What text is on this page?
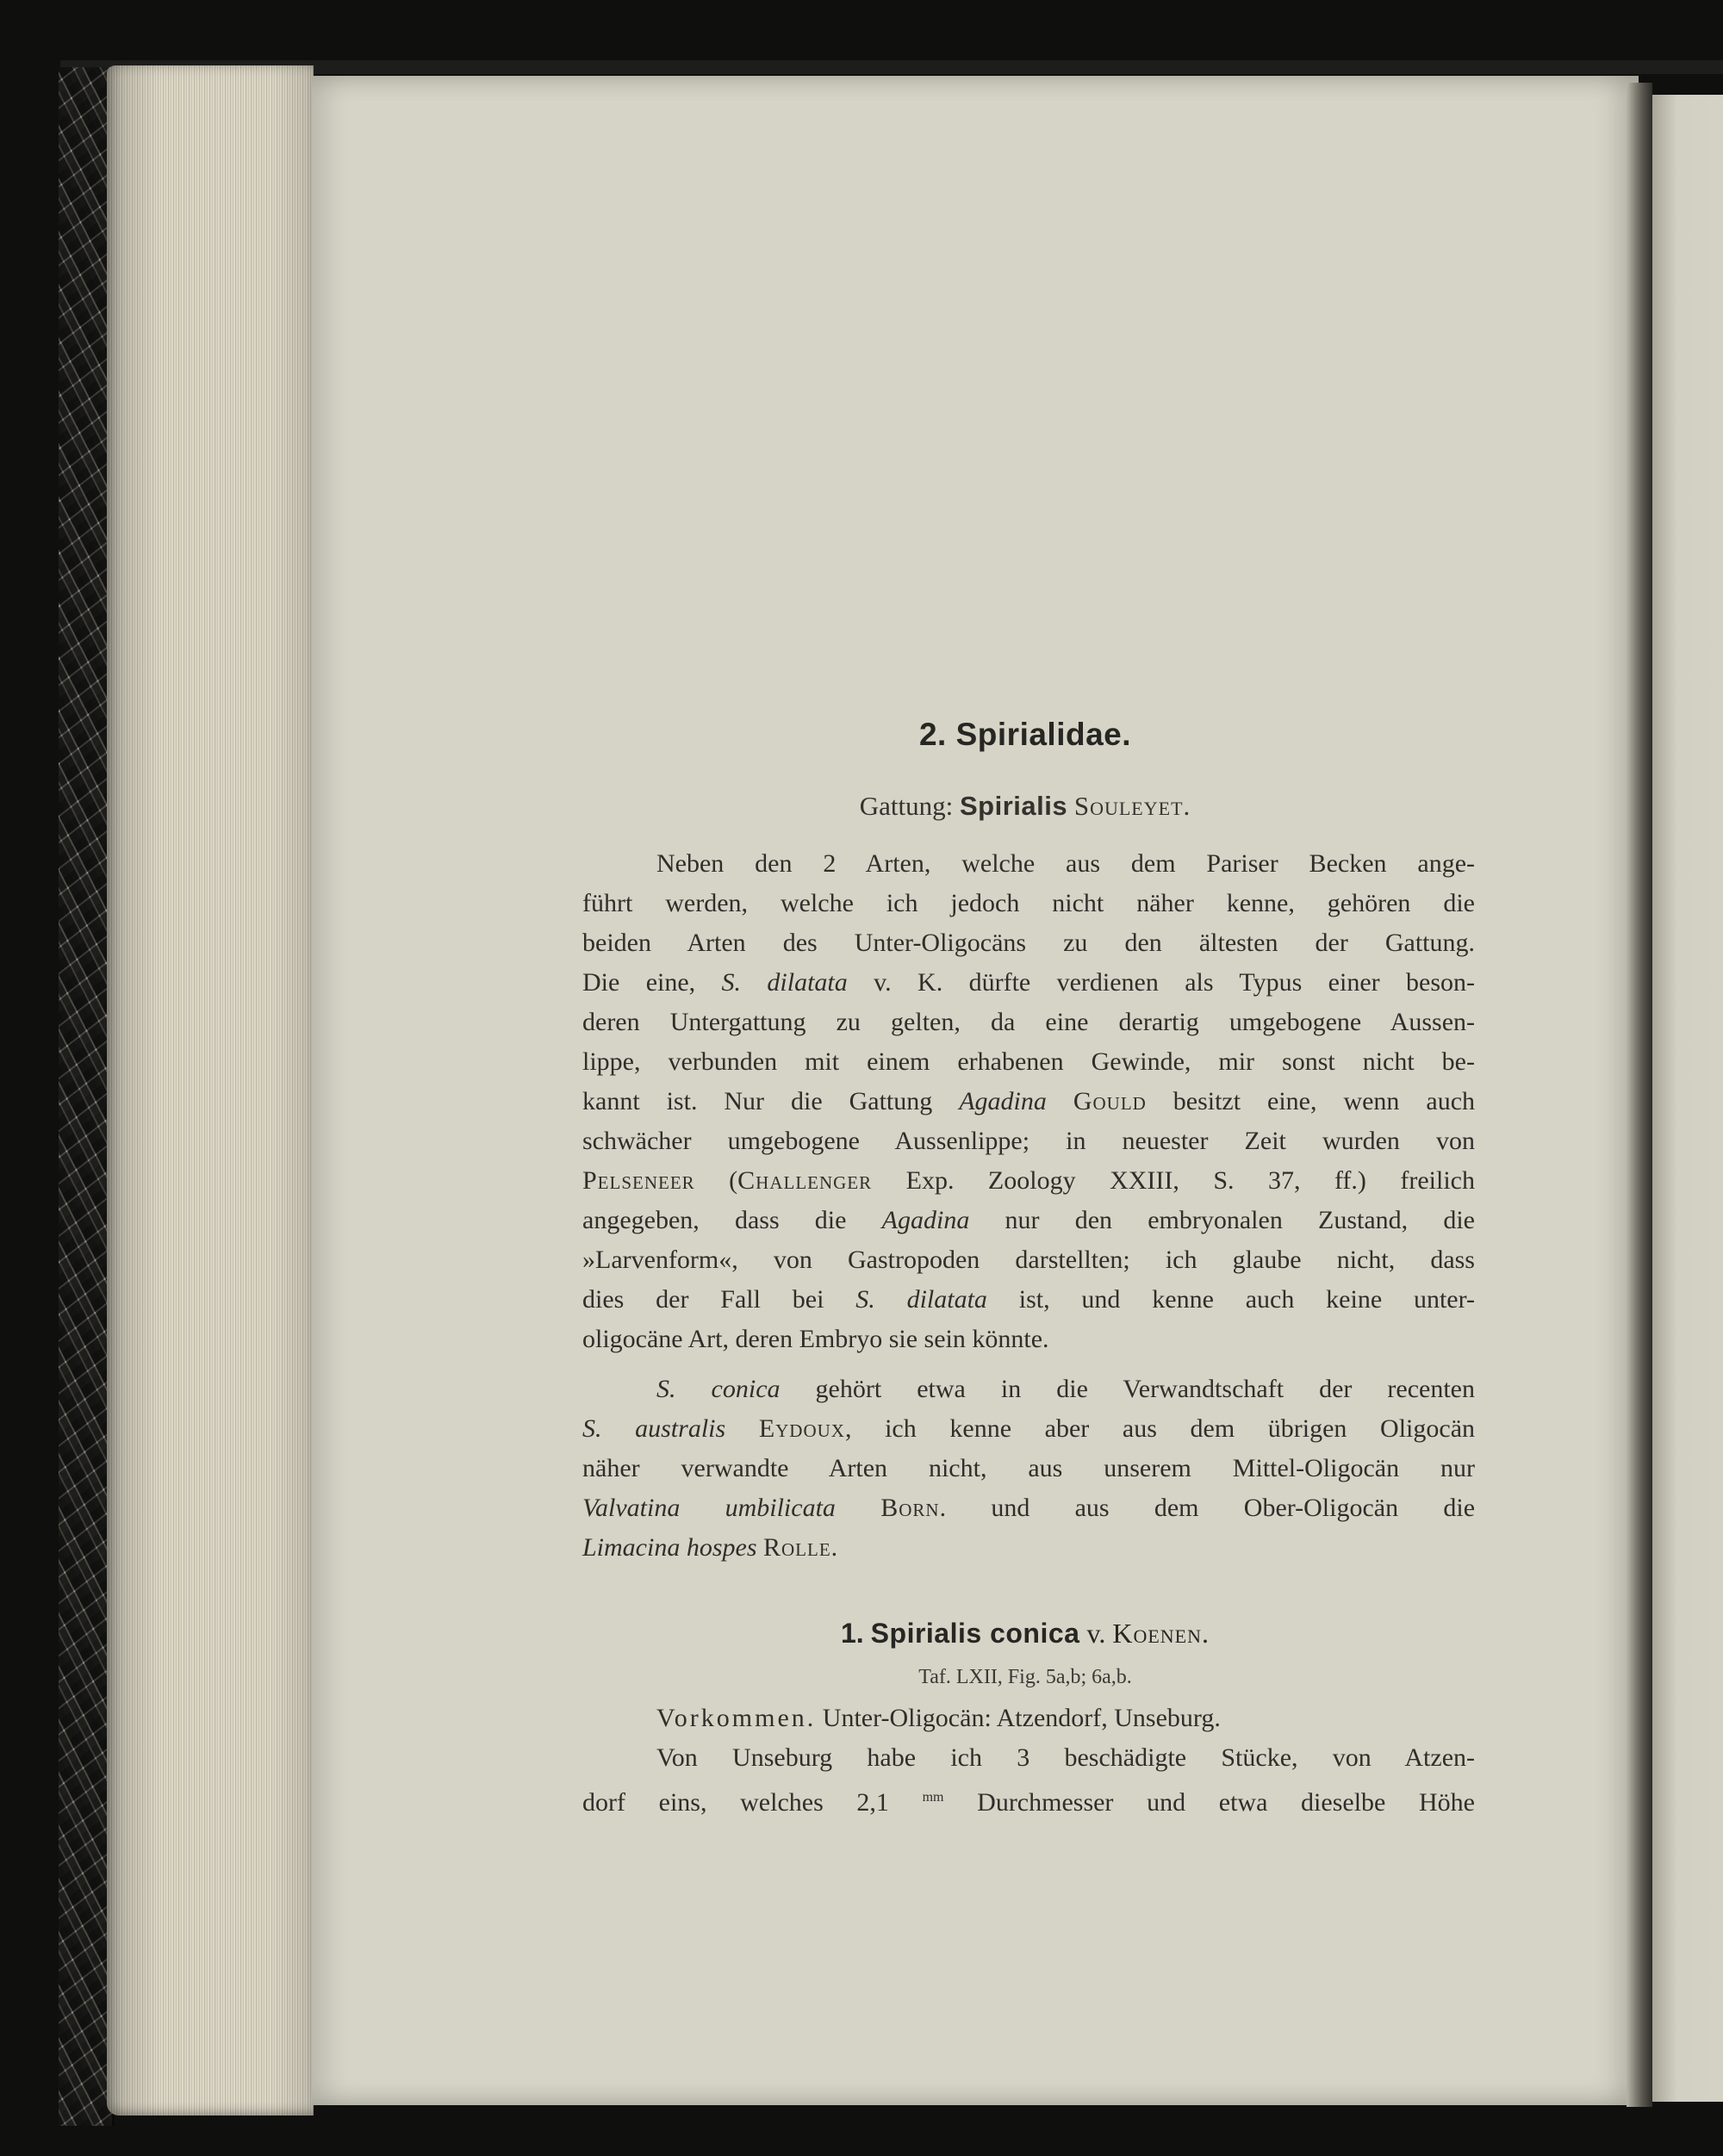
2. Spirialidae.
Gattung: Spirialis Souleyet.
Neben den 2 Arten, welche aus dem Pariser Becken ange-
führt werden, welche ich jedoch nicht näher kenne, gehören die
beiden Arten des Unter-Oligocäns zu den ältesten der Gattung.
Die eine, S. dilatata v. K. dürfte verdienen als Typus einer beson-
deren Untergattung zu gelten, da eine derartig umgebogene Aussen-
lippe, verbunden mit einem erhabenen Gewinde, mir sonst nicht be-
kannt ist. Nur die Gattung Agadina Gould besitzt eine, wenn auch
schwächer umgebogene Aussenlippe; in neuester Zeit wurden von
Pelseneer (Challenger Exp. Zoology XXIII, S. 37, ff.) freilich
angegeben, dass die Agadina nur den embryonalen Zustand, die
»Larvenform«, von Gastropoden darstellten; ich glaube nicht, dass
dies der Fall bei S. dilatata ist, und kenne auch keine unter-
oligocäne Art, deren Embryo sie sein könnte.
S. conica gehört etwa in die Verwandtschaft der recenten
S. australis Eydoux, ich kenne aber aus dem übrigen Oligocän
näher verwandte Arten nicht, aus unserem Mittel-Oligocän nur
Valvatina umbilicata Born. und aus dem Ober-Oligocän die
Limacina hospes Rolle.
1. Spirialis conica v. Koenen.
Taf. LXII, Fig. 5a,b; 6a,b.
Vorkommen. Unter-Oligocän: Atzendorf, Unseburg.
Von Unseburg habe ich 3 beschädigte Stücke, von Atzen-
dorf eins, welches 2,1 $^{mm}$ Durchmesser und etwa dieselbe Höhe
